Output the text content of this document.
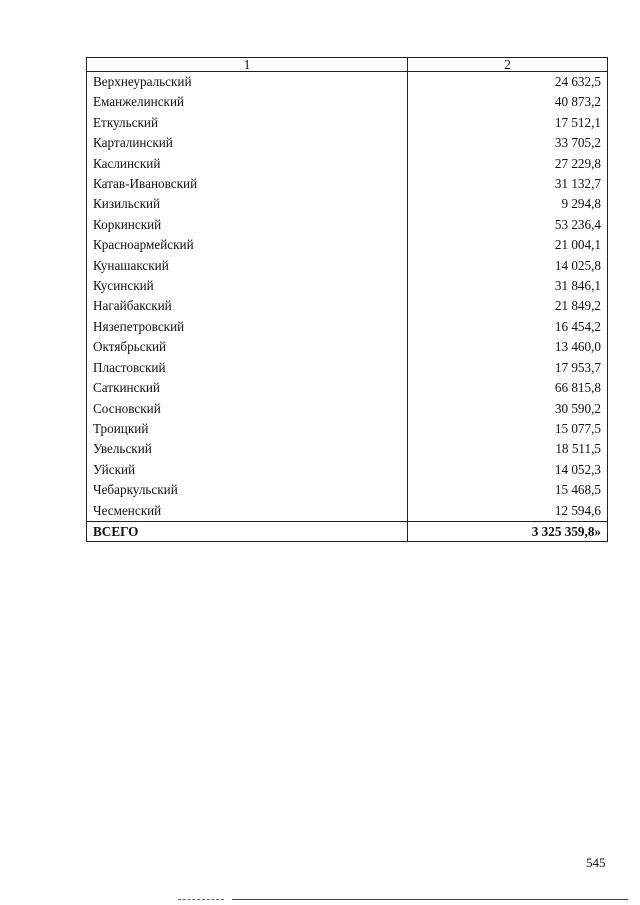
1	2
Верхнеуральский	24 632,5
Еманжелинский	40 873,2
Еткульский	17 512,1
Карталинский	33 705,2
Каслинский	27 229,8
Катав-Ивановский	31 132,7
Кизильский	9 294,8
Коркинский	53 236,4
Красноармейский	21 004,1
Кунашакский	14 025,8
Кусинский	31 846,1
Нагайбакский	21 849,2
Нязепетровский	16 454,2
Октябрьский	13 460,0
Пластовский	17 953,7
Саткинский	66 815,8
Сосновский	30 590,2
Троицкий	15 077,5
Увельский	18 511,5
Уйский	14 052,3
Чебаркульский	15 468,5
Чесменский	12 594,6
ВСЕГО	3 325 359,8»
545
